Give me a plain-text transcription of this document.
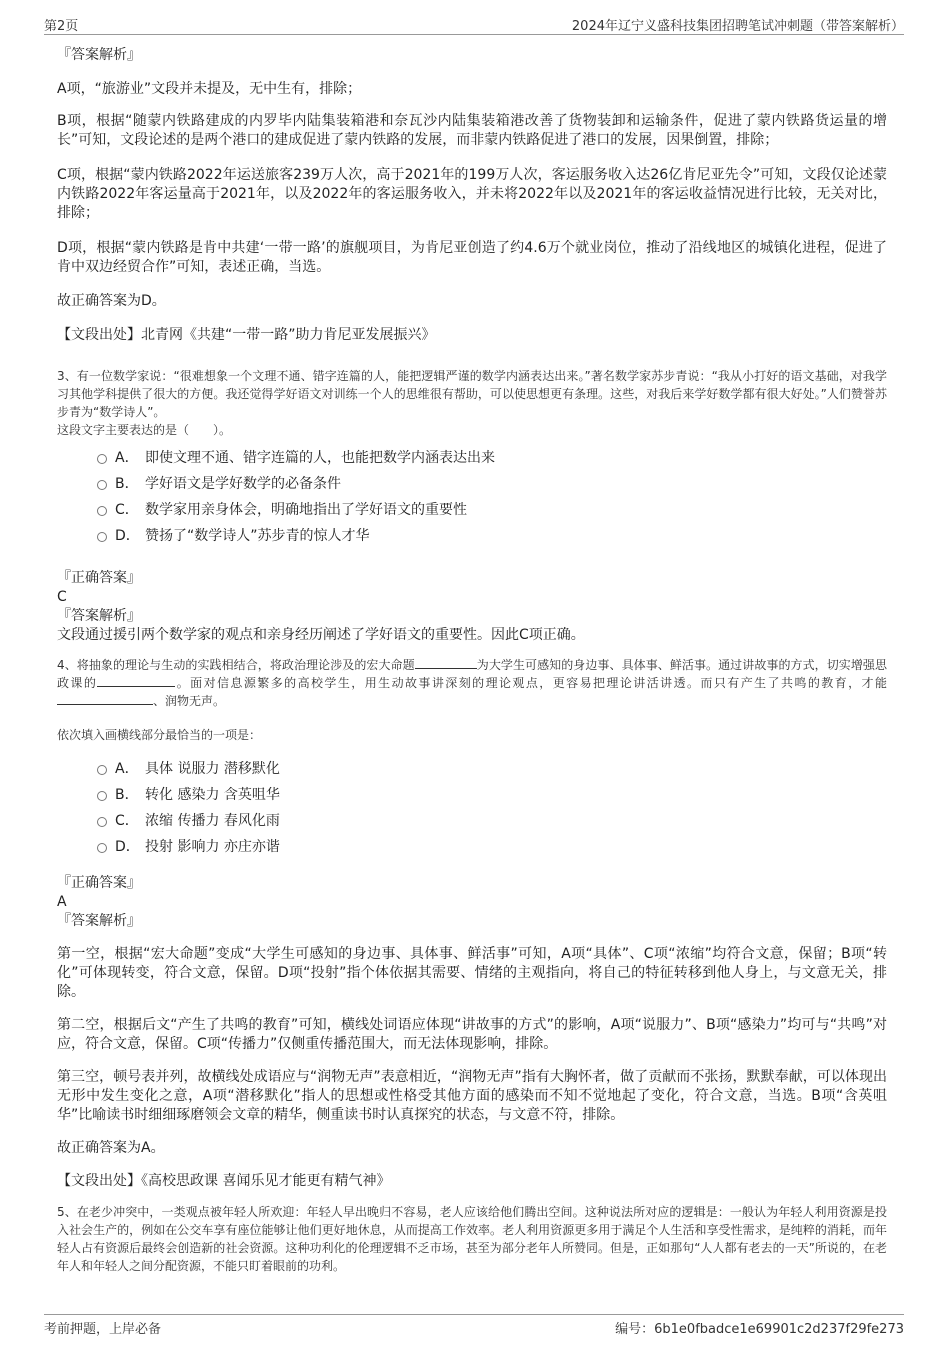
第2页	2024年辽宁义盛科技集团招聘笔试冲刺题（带答案解析）

『答案解析』

A项，“旅游业”文段并未提及，无中生有，排除；

B项，根据“随蒙内铁路建成的内罗毕内陆集装箱港和奈瓦沙内陆集装箱港改善了货物装卸和运输条件，促进了蒙内铁路货运量的增长”可知，文段论述的是两个港口的建成促进了蒙内铁路的发展，而非蒙内铁路促进了港口的发展，因果倒置，排除；

C项，根据“蒙内铁路2022年运送旅客239万人次，高于2021年的199万人次，客运服务收入达26亿肯尼亚先令”可知，文段仅论述蒙内铁路2022年客运量高于2021年，以及2022年的客运服务收入，并未将2022年以及2021年的客运收益情况进行比较，无关对比，排除；

D项，根据“蒙内铁路是肯中共建‘一带一路’的旗舰项目，为肯尼亚创造了约4.6万个就业岗位，推动了沿线地区的城镇化进程，促进了肯中双边经贸合作”可知，表述正确，当选。

故正确答案为D。

【文段出处】北青网《共建“一带一路”助力肯尼亚发展振兴》

3、有一位数学家说：“很难想象一个文理不通、错字连篇的人，能把逻辑严谨的数学内涵表达出来。”著名数学家苏步青说：“我从小打好的语文基础，对我学习其他学科提供了很大的方便。我还觉得学好语文对训练一个人的思维很有帮助，可以使思想更有条理。这些，对我后来学好数学都有很大好处。”人们赞誉苏步青为“数学诗人”。

这段文字主要表达的是（　　）。

A． 即使文理不通、错字连篇的人，也能把数学内涵表达出来
B． 学好语文是学好数学的必备条件
C． 数学家用亲身体会，明确地指出了学好语文的重要性
D． 赞扬了“数学诗人”苏步青的惊人才华

『正确答案』

C

『答案解析』

文段通过援引两个数学家的观点和亲身经历阐述了学好语文的重要性。因此C项正确。

4、将抽象的理论与生动的实践相结合，将政治理论涉及的宏大命题	为大学生可感知的身边事、具体事、鲜活事。通过讲故事的方式，切实增强思政课的	。面对信息源繁多的高校学生，用生动故事讲深刻的理论观点，更容易把理论讲活讲透。而只有产生了共鸣的教育，才能、润物无声。

依次填入画横线部分最恰当的一项是：

A． 具体 说服力 潜移默化
B． 转化 感染力 含英咀华
C． 浓缩 传播力 春风化雨
D． 投射 影响力 亦庄亦谐

『正确答案』

A

『答案解析』

第一空，根据“宏大命题”变成“大学生可感知的身边事、具体事、鲜活事”可知，A项“具体”、C项“浓缩”均符合文意，保留；B项“转化”可体现转变，符合文意，保留。D项“投射”指个体依据其需要、情绪的主观指向，将自己的特征转移到他人身上，与文意无关，排除。

第二空，根据后文“产生了共鸣的教育”可知，横线处词语应体现“讲故事的方式”的影响，A项“说服力”、B项“感染力”均可与“共鸣”对应，符合文意，保留。C项“传播力”仅侧重传播范围大，而无法体现影响，排除。

第三空，顿号表并列，故横线处成语应与“润物无声”表意相近，“润物无声”指有大胸怀者，做了贡献而不张扬，默默奉献，可以体现出无形中发生变化之意，A项“潜移默化”指人的思想或性格受其他方面的感染而不知不觉地起了变化，符合文意，当选。B项“含英咀华”比喻读书时细细琢磨领会文章的精华，侧重读书时认真探究的状态，与文意不符，排除。

故正确答案为A。

【文段出处】《高校思政课 喜闻乐见才能更有精气神》

5、在老少冲突中，一类观点被年轻人所欢迎：年轻人早出晚归不容易，老人应该给他们腾出空间。这种说法所对应的逻辑是：一般认为年轻人利用资源是投入社会生产的，例如在公交车享有座位能够让他们更好地休息，从而提高工作效率。老人利用资源更多用于满足个人生活和享受性需求，是纯粹的消耗，而年轻人占有资源后最终会创造新的社会资源。这种功利化的伦理逻辑不乏市场，甚至为部分老年人所赞同。但是，正如那句“人人都有老去的一天”所说的，在老年人和年轻人之间分配资源，不能只盯着眼前的功利。

考前押题，上岸必备	编号：6b1e0fbadce1e69901c2d237f29fe273
